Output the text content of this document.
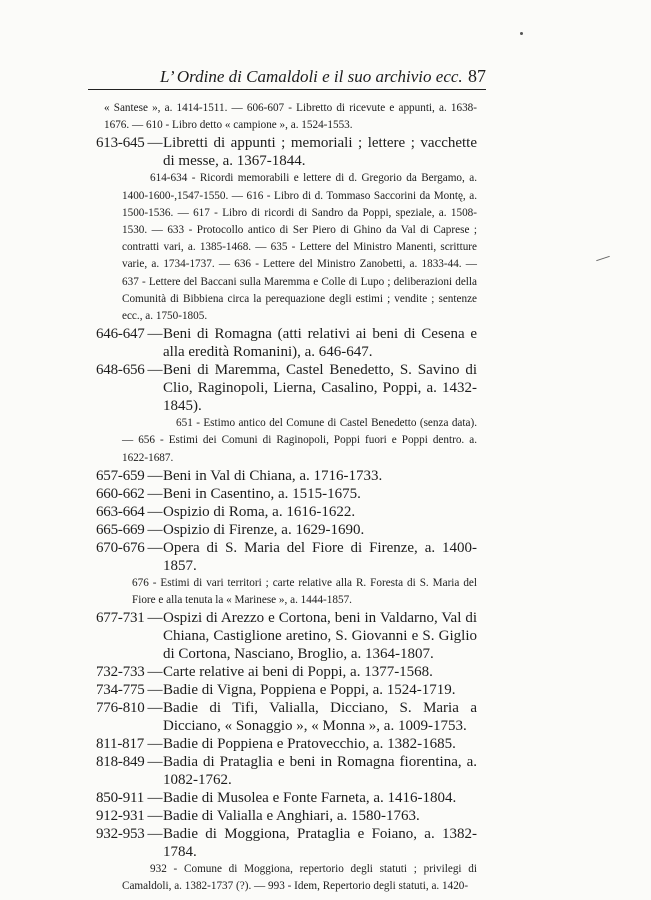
L’ Ordine di Camaldoli e il suo archivio ecc. 87
« Santese », a. 1414-1511. — 606-607 - Libretto di ricevute e appunti, a. 1638-1676. — 610 - Libro detto « campione », a. 1524-1553.
613-645 — Libretti di appunti ; memoriali ; lettere ; vacchette di messe, a. 1367-1844.
614-634 - Ricordi memorabili e lettere di d. Gregorio da Bergamo, a. 1400-1600-,1547-1550. — 616 - Libro di d. Tommaso Saccorini da Montę, a. 1500-1536. — 617 - Libro di ricordi di Sandro da Poppi, speziale, a. 1508-1530. — 633 - Protocollo antico di Ser Piero di Ghino da Val di Caprese ; contratti vari, a. 1385-1468. — 635 - Lettere del Ministro Manenti, scritture varie, a. 1734-1737. — 636 - Lettere del Ministro Zanobetti, a. 1833-44. — 637 - Lettere del Baccani sulla Maremma e Colle di Lupo ; deliberazioni della Comunità di Bibbiena circa la perequazione degli estimi ; vendite ; sentenze ecc., a. 1750-1805.
646-647 — Beni di Romagna (atti relativi ai beni di Cesena e alla eredità Romanini), a. 646-647.
648-656 — Beni di Maremma, Castel Benedetto, S. Savino di Clio, Raginopoli, Lierna, Casalino, Poppi, a. 1432-1845).
651 - Estimo antico del Comune di Castel Benedetto (senza data). — 656 - Estimi dei Comuni di Raginopoli, Poppi fuori e Poppi dentro. a. 1622-1687.
657-659 — Beni in Val di Chiana, a. 1716-1733.
660-662 — Beni in Casentino, a. 1515-1675.
663-664 — Ospizio di Roma, a. 1616-1622.
665-669 — Ospizio di Firenze, a. 1629-1690.
670-676 — Opera di S. Maria del Fiore di Firenze, a. 1400-1857.
676 - Estimi di vari territori ; carte relative alla R. Foresta di S. Maria del Fiore e alla tenuta la « Marinese », a. 1444-1857.
677-731 — Ospizi di Arezzo e Cortona, beni in Valdarno, Val di Chiana, Castiglione aretino, S. Giovanni e S. Giglio di Cortona, Nasciano, Broglio, a. 1364-1807.
732-733 — Carte relative ai beni di Poppi, a. 1377-1568.
734-775 — Badie di Vigna, Poppiena e Poppi, a. 1524-1719.
776-810 — Badie di Tifi, Valialla, Dicciano, S. Maria a Dicciano, « Sonaggio », « Monna », a. 1009-1753.
811-817 — Badie di Poppiena e Pratovecchio, a. 1382-1685.
818-849 — Badia di Prataglia e beni in Romagna fiorentina, a. 1082-1762.
850-911 — Badie di Musolea e Fonte Farneta, a. 1416-1804.
912-931 — Badie di Valialla e Anghiari, a. 1580-1763.
932-953 — Badie di Moggiona, Prataglia e Foiano, a. 1382-1784.
932 - Comune di Moggiona, repertorio degli statuti ; privilegi di Camaldoli, a. 1382-1737 (?). — 993 - Idem, Repertorio degli statuti, a. 1420-
